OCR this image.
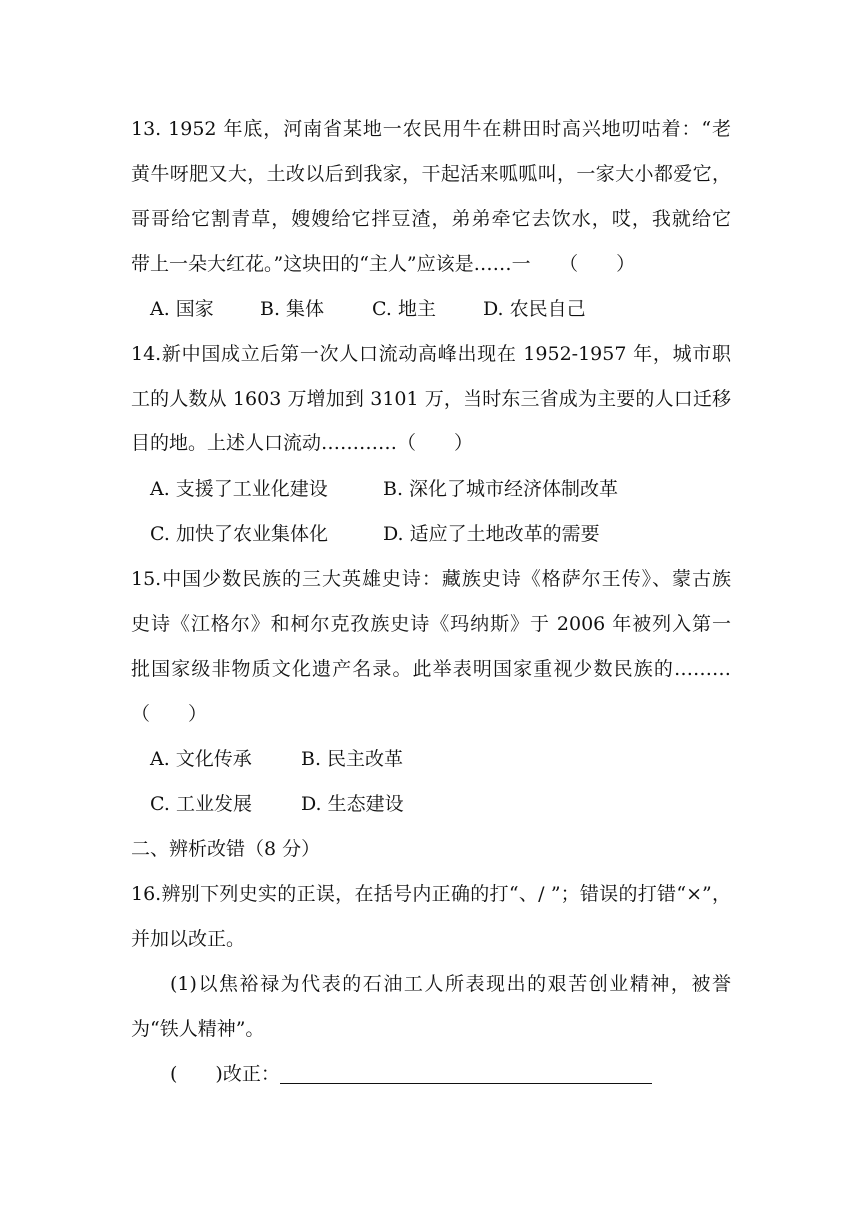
13. 1952 年底，河南省某地一农民用牛在耕田时高兴地叨咕着：“老
黄牛呀肥又大，土改以后到我家，干起活来呱呱叫，一家大小都爱它，
哥哥给它割青草，嫂嫂给它拌豆渣，弟弟牵它去饮水，哎，我就给它
带上一朵大红花。”这块田的“主人”应该是……一　　（　　）
A. 国家 B. 集体	C. 地主 D. 农民自己
14.新中国成立后第一次人口流动高峰出现在 1952-1957 年，城市职
工的人数从 1603 万增加到 3101 万，当时东三省成为主要的人口迁移
目的地。上述人口流动…………（　　）
A. 支援了工业化建设	B. 深化了城市经济体制改革
C. 加快了农业集体化	D. 适应了土地改革的需要
15.中国少数民族的三大英雄史诗：藏族史诗《格萨尔王传》、蒙古族
史诗《江格尔》和柯尔克孜族史诗《玛纳斯》于 2006 年被列入第一
批国家级非物质文化遗产名录。此举表明国家重视少数民族的………
（　　）
A. 文化传承	B. 民主改革
C. 工业发展	D. 生态建设
二、辨析改错（8 分）
16.辨别下列史实的正误，在括号内正确的打“、/ ”；错误的打错“×”，
并加以改正。
(1)以焦裕禄为代表的石油工人所表现出的艰苦创业精神，被誉
为“铁人精神”。
(　　)改正：
